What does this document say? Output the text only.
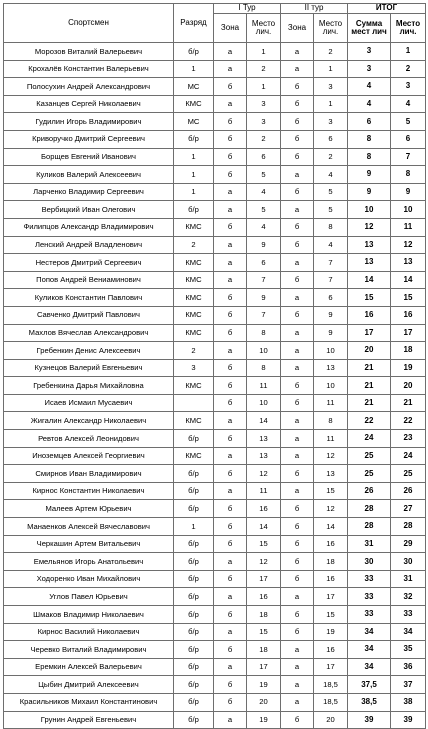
Спортсмен	Разряд	I Тур		II тур		ИТОГ	
		Зона	Место лич.	Зона	Место лич.	Сумма мест лич	Место лич.
Морозов Виталий Валерьевич	б/р	а	1	а	2	3	1
Крохалёв Константин Валерьевич	1	а	2	а	1	3	2
Полосухин Андрей Александрович	МС	б	1	б	3	4	3
Казанцев Сергей Николаевич	КМС	а	3	б	1	4	4
Гудилин Игорь Владимирович	МС	б	3	б	3	6	5
Криворучко Дмитрий Сергеевич	б/р	б	2	б	6	8	6
Борщев Евгений Иванович	1	б	6	б	2	8	7
Куликов Валерий Алексеевич	1	б	5	а	4	9	8
Ларченко Владимир Сергеевич	1	а	4	б	5	9	9
Вербицкий Иван Олегович	б/р	а	5	а	5	10	10
Филипцов Александр Владимирович	КМС	б	4	б	8	12	11
Ленский Андрей Владленович	2	а	9	б	4	13	12
Нестеров Дмитрий Сергеевич	КМС	а	6	а	7	13	13
Попов Андрей Вениаминович	КМС	а	7	б	7	14	14
Куликов Константин Павлович	КМС	б	9	а	6	15	15
Савченко Дмитрий Павлович	КМС	б	7	б	9	16	16
Махлов Вячеслав Александрович	КМС	б	8	а	9	17	17
Гребенкин Денис Алексеевич	2	а	10	а	10	20	18
Кузнецов Валерий Евгеньевич	3	б	8	а	13	21	19
Гребенкина Дарья Михайловна	КМС	б	11	б	10	21	20
Исаев Исмаил Мусаевич		б	10	б	11	21	21
Жигалин Александр Николаевич	КМС	а	14	а	8	22	22
Ревтов Алексей Леонидович	б/р	б	13	а	11	24	23
Иноземцев Алексей Георгиевич	КМС	а	13	а	12	25	24
Смирнов Иван Владимирович	б/р	б	12	б	13	25	25
Кирнос Константин Николаевич	б/р	а	11	а	15	26	26
Малеев Артем Юрьевич	б/р	б	16	б	12	28	27
Манаенков Алексей Вячеславович	1	б	14	б	14	28	28
Черкашин Артем Витальевич	б/р	б	15	б	16	31	29
Емельянов Игорь Анатольевич	б/р	а	12	б	18	30	30
Ходоренко Иван Михайлович	б/р	б	17	б	16	33	31
Углов Павел Юрьевич	б/р	а	16	а	17	33	32
Шмаков Владимир Николаевич	б/р	б	18	б	15	33	33
Кирнос Василий Николаевич	б/р	а	15	б	19	34	34
Черевко Виталий Владимирович	б/р	б	18	а	16	34	35
Еремкин Алексей Валерьевич	б/р	а	17	а	17	34	36
Цыбин Дмитрий Алексеевич	б/р	б	19	а	18,5	37,5	37
Красильников Михаил Константинович	б/р	б	20	а	18,5	38,5	38
Грунин Андрей Евгеньевич	б/р	а	19	б	20	39	39
